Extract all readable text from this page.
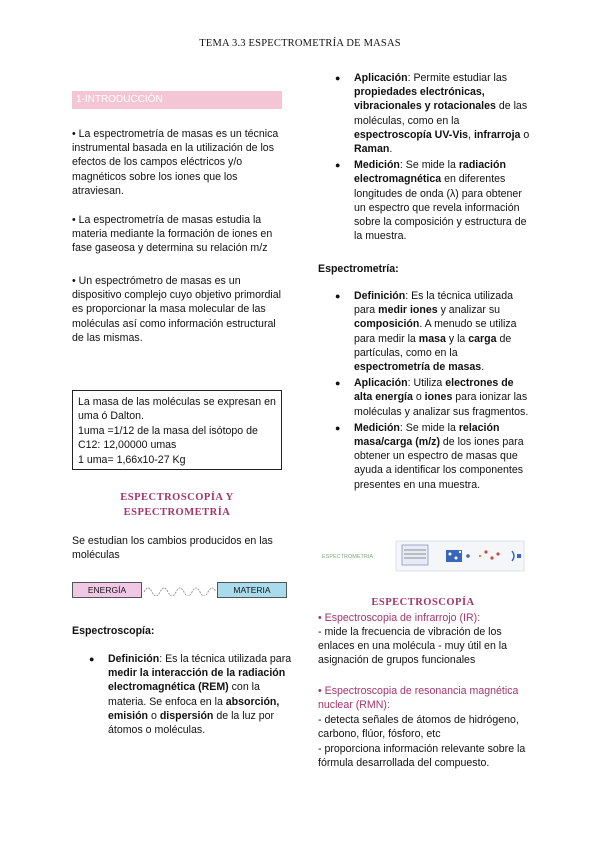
TEMA 3.3 ESPECTROMETRÍA DE MASAS
1-INTRODUCCIÓN
• La espectrometría de masas es un técnica instrumental basada en la utilización de los efectos de los campos eléctricos y/o magnéticos sobre los iones que los atraviesan.
• La espectrometría de masas estudia la materia mediante la formación de iones en fase gaseosa y determina su relación m/z
• Un espectrómetro de masas es un dispositivo complejo cuyo objetivo primordial es proporcionar la masa molecular de las moléculas así como información estructural de las mismas.
La masa de las moléculas se expresan en uma ó Dalton.
1uma =1/12 de la masa del isótopo de C12: 12,00000 umas
1 uma= 1,66x10-27 Kg
ESPECTROSCOPÍA Y
ESPECTROMETRÍA
Se estudian los cambios producidos en las moléculas
ENERGÍA	MATERIA
Espectroscopía:
● Definición: Es la técnica utilizada para medir la interacción de la radiación electromagnética (REM) con la materia. Se enfoca en la absorción, emisión o dispersión de la luz por átomos o moléculas.
● Aplicación: Permite estudiar las propiedades electrónicas, vibracionales y rotacionales de las moléculas, como en la espectroscopía UV-Vis, infrarroja o Raman.
● Medición: Se mide la radiación electromagnética en diferentes longitudes de onda (λ) para obtener un espectro que revela información sobre la composición y estructura de la muestra.
Espectrometría:
● Definición: Es la técnica utilizada para medir iones y analizar su composición. A menudo se utiliza para medir la masa y la carga de partículas, como en la espectrometría de masas.
● Aplicación: Utiliza electrones de alta energía o iones para ionizar las moléculas y analizar sus fragmentos.
● Medición: Se mide la relación masa/carga (m/z) de los iones para obtener un espectro de masas que ayuda a identificar los componentes presentes en una muestra.
ESPECTROMETRIA
ESPECTROSCOPÍA
• Espectroscopia de infrarrojo (IR):
- mide la frecuencia de vibración de los enlaces en una molécula - muy útil en la asignación de grupos funcionales
• Espectroscopia de resonancia magnética nuclear (RMN):
- detecta señales de átomos de hidrógeno, carbono, flúor, fósforo, etc
- proporciona información relevante sobre la fórmula desarrollada del compuesto.
